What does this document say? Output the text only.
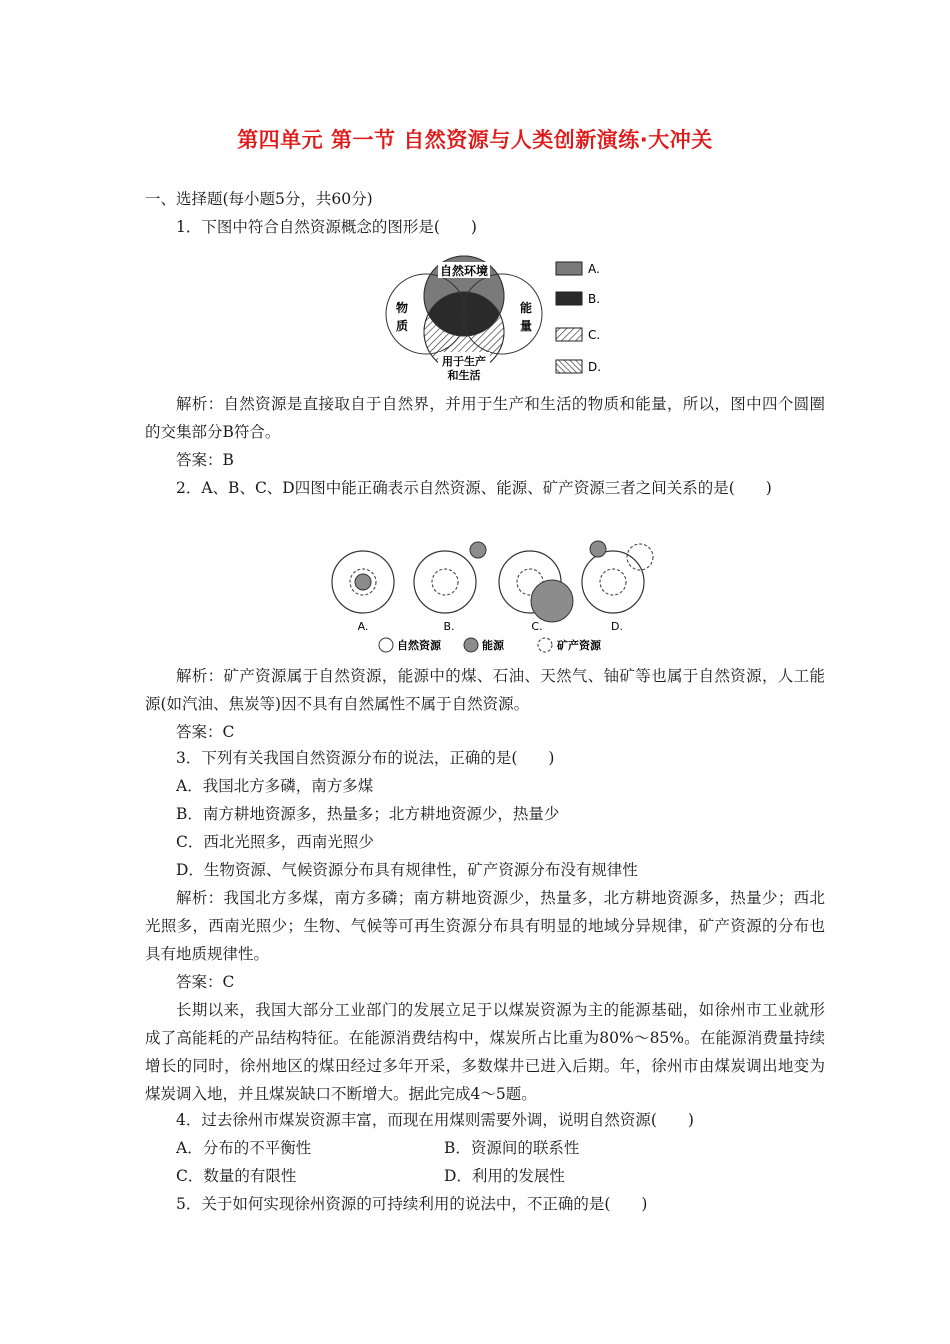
第四单元 第一节 自然资源与人类创新演练·大冲关
一、选择题(每小题5分，共60分)
1．下图中符合自然资源概念的图形是(　　)
自然环境
物
质
能
量
用于生产
和生活
A.
B.
C.
D.
解析：自然资源是直接取自于自然界，并用于生产和生活的物质和能量，所以，图中四个圆圈的交集部分B符合。
答案：B
2．A、B、C、D四图中能正确表示自然资源、能源、矿产资源三者之间关系的是(　　)
A.	B.	C.	D.
自然资源	能源	矿产资源
解析：矿产资源属于自然资源，能源中的煤、石油、天然气、铀矿等也属于自然资源，人工能源(如汽油、焦炭等)因不具有自然属性不属于自然资源。
答案：C
3．下列有关我国自然资源分布的说法，正确的是(　　)
A．我国北方多磷，南方多煤
B．南方耕地资源多，热量多；北方耕地资源少，热量少
C．西北光照多，西南光照少
D．生物资源、气候资源分布具有规律性，矿产资源分布没有规律性
解析：我国北方多煤，南方多磷；南方耕地资源少，热量多，北方耕地资源多，热量少；西北光照多，西南光照少；生物、气候等可再生资源分布具有明显的地域分异规律，矿产资源的分布也具有地质规律性。
答案：C
长期以来，我国大部分工业部门的发展立足于以煤炭资源为主的能源基础，如徐州市工业就形成了高能耗的产品结构特征。在能源消费结构中，煤炭所占比重为80%～85%。在能源消费量持续增长的同时，徐州地区的煤田经过多年开采，多数煤井已进入后期。年，徐州市由煤炭调出地变为煤炭调入地，并且煤炭缺口不断增大。据此完成4～5题。
4．过去徐州市煤炭资源丰富，而现在用煤则需要外调，说明自然资源(　　)
A．分布的不平衡性	B．资源间的联系性
C．数量的有限性	D．利用的发展性
5．关于如何实现徐州资源的可持续利用的说法中，不正确的是(　　)
